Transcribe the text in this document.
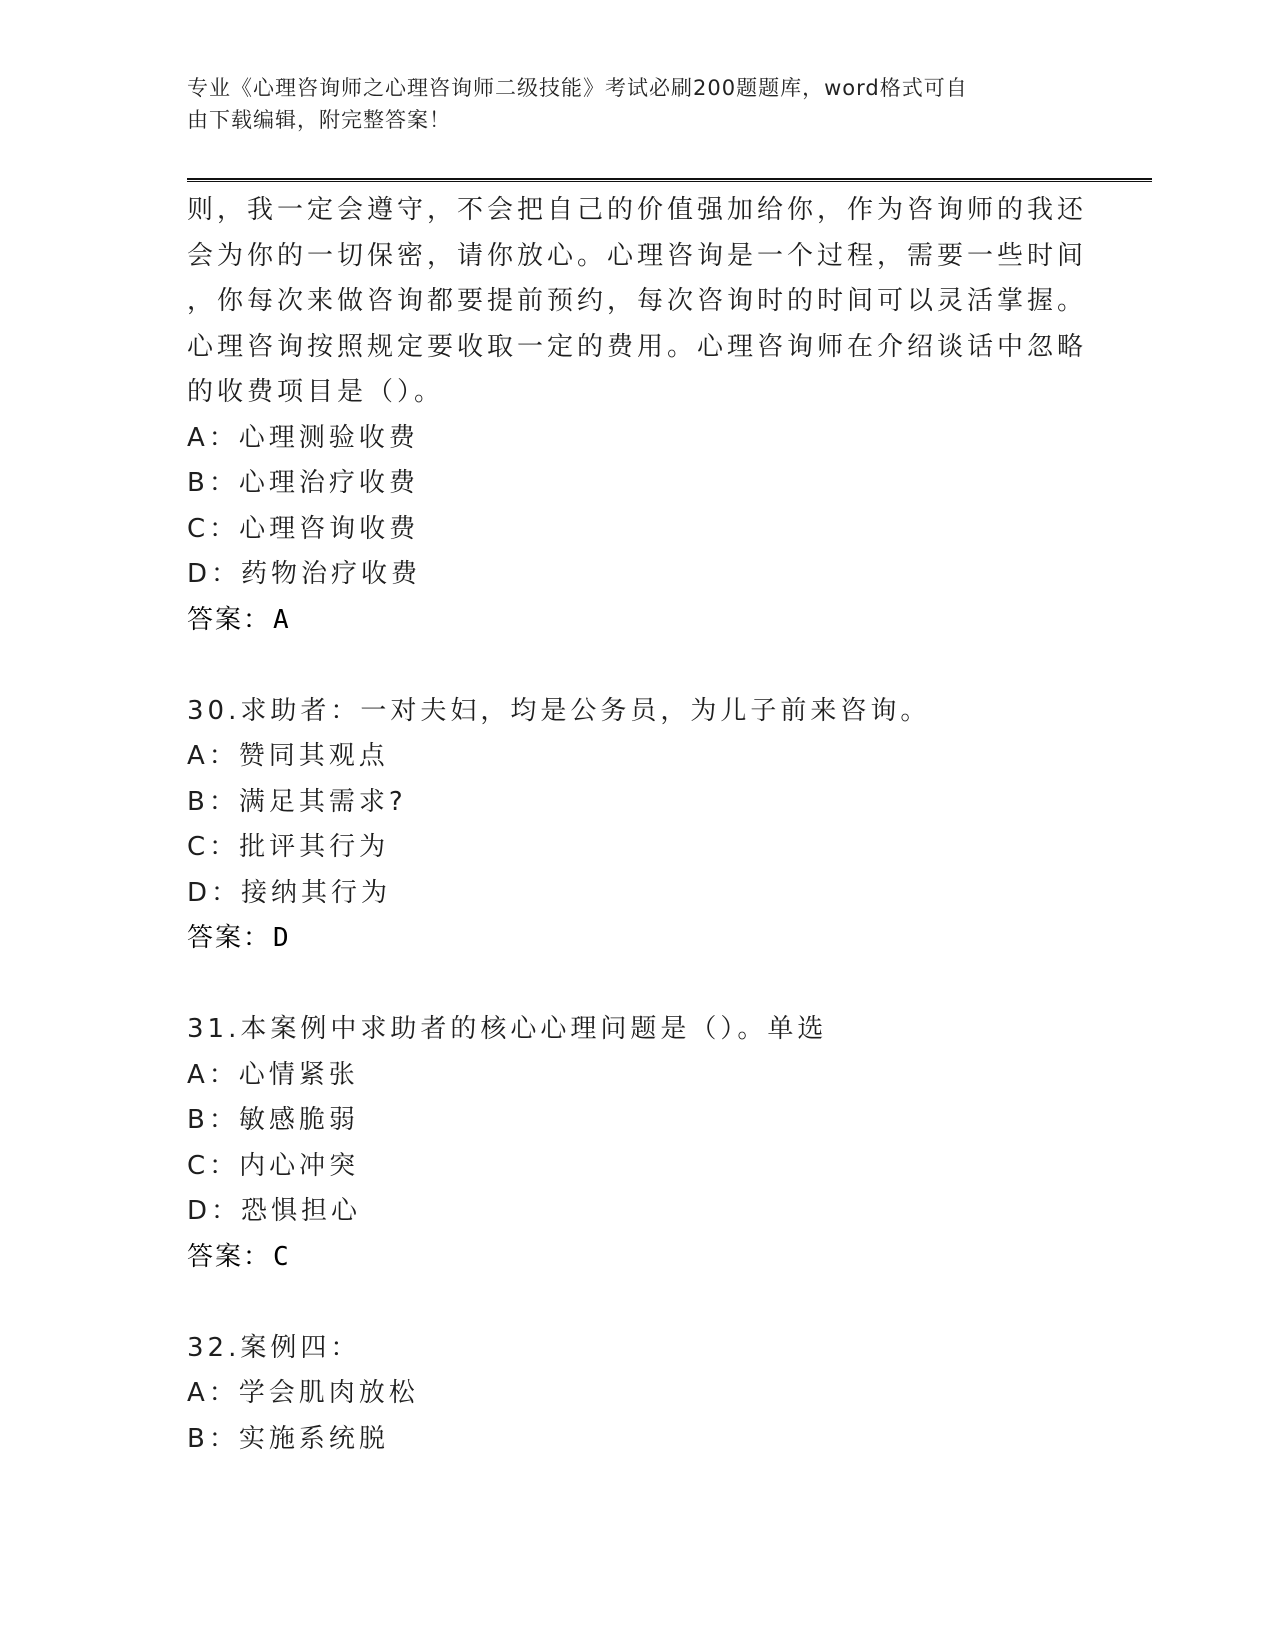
专业《心理咨询师之心理咨询师二级技能》考试必刷200题题库，word格式可自
由下载编辑，附完整答案！
则，我一定会遵守，不会把自己的价值强加给你，作为咨询师的我还
会为你的一切保密，请你放心。心理咨询是一个过程，需要一些时间
，你每次来做咨询都要提前预约，每次咨询时的时间可以灵活掌握。
心理咨询按照规定要收取一定的费用。心理咨询师在介绍谈话中忽略
的收费项目是（）。
A：心理测验收费
B：心理治疗收费
C：心理咨询收费
D：药物治疗收费
答案：A
30.求助者：一对夫妇，均是公务员，为儿子前来咨询。
A：赞同其观点
B：满足其需求?
C：批评其行为
D：接纳其行为
答案：D
31.本案例中求助者的核心心理问题是（）。单选
A：心情紧张
B：敏感脆弱
C：内心冲突
D：恐惧担心
答案：C
32.案例四：
A：学会肌肉放松
B：实施系统脱
